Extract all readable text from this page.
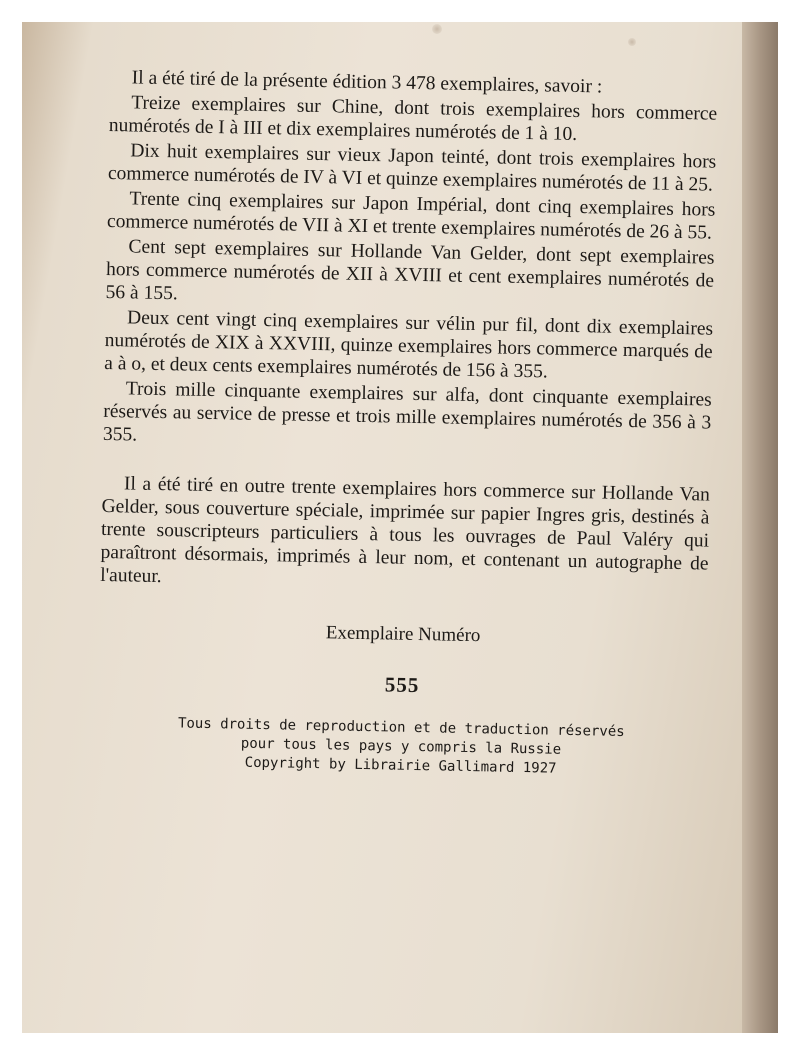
Il a été tiré de la présente édition 3 478 exemplaires, savoir :

Treize exemplaires sur Chine, dont trois exemplaires hors commerce numérotés de I à III et dix exemplaires numérotés de 1 à 10.

Dix huit exemplaires sur vieux Japon teinté, dont trois exemplaires hors commerce numérotés de IV à VI et quinze exemplaires numérotés de 11 à 25.

Trente cinq exemplaires sur Japon Impérial, dont cinq exemplaires hors commerce numérotés de VII à XI et trente exemplaires numérotés de 26 à 55.

Cent sept exemplaires sur Hollande Van Gelder, dont sept exemplaires hors commerce numérotés de XII à XVIII et cent exemplaires numérotés de 56 à 155.

Deux cent vingt cinq exemplaires sur vélin pur fil, dont dix exemplaires numérotés de XIX à XXVIII, quinze exemplaires hors commerce marqués de a à o, et deux cents exemplaires numérotés de 156 à 355.

Trois mille cinquante exemplaires sur alfa, dont cinquante exemplaires réservés au service de presse et trois mille exemplaires numérotés de 356 à 3 355.

Il a été tiré en outre trente exemplaires hors commerce sur Hollande Van Gelder, sous couverture spéciale, imprimée sur papier Ingres gris, destinés à trente souscripteurs particuliers à tous les ouvrages de Paul Valéry qui paraîtront désormais, imprimés à leur nom, et contenant un autographe de l'auteur.

Exemplaire Numéro

555

Tous droits de reproduction et de traduction réservés
pour tous les pays y compris la Russie
Copyright by Librairie Gallimard 1927
